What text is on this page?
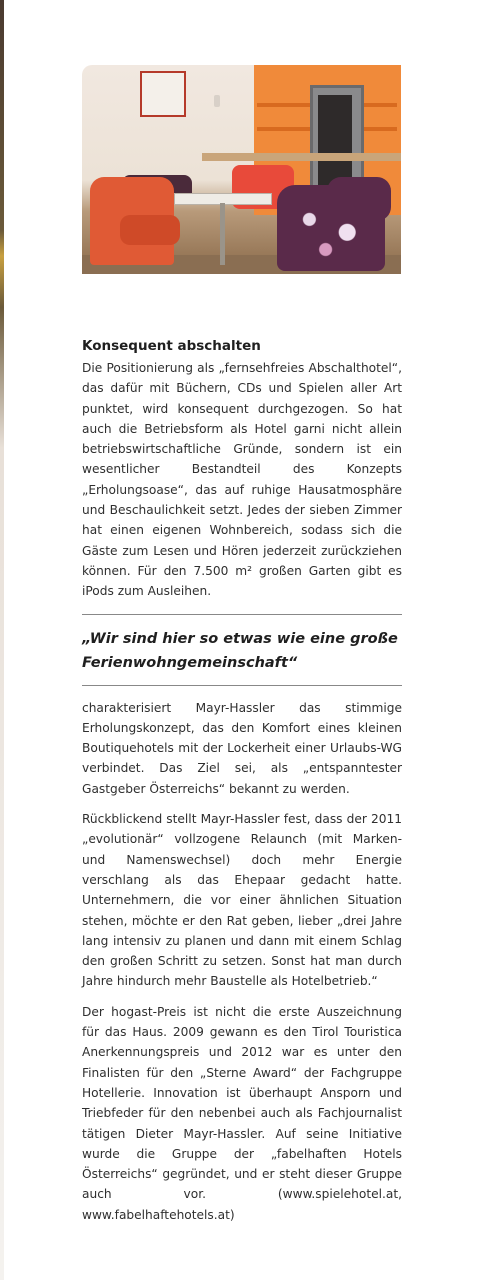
Konsequent abschalten

Die Positionierung als „fernsehfreies Abschalthotel“, das dafür mit Büchern, CDs und Spielen aller Art punktet, wird konsequent durchgezogen. So hat auch die Betriebsform als Hotel garni nicht allein betriebswirtschaftliche Gründe, sondern ist ein wesentlicher Bestandteil des Konzepts „Erholungsoase“, das auf ruhige Hausatmosphäre und Beschaulichkeit setzt. Jedes der sieben Zimmer hat einen eigenen Wohnbereich, sodass sich die Gäste zum Lesen und Hören jederzeit zurückziehen können. Für den 7.500 m² großen Garten gibt es iPods zum Ausleihen.

„Wir sind hier so etwas wie eine große Ferienwohngemeinschaft“

charakterisiert Mayr-Hassler das stimmige Erholungskonzept, das den Komfort eines kleinen Boutiquehotels mit der Lockerheit einer Urlaubs-WG verbindet. Das Ziel sei, als „entspanntester Gastgeber Österreichs“ bekannt zu werden.

Rückblickend stellt Mayr-Hassler fest, dass der 2011 „evolutionär“ vollzogene Relaunch (mit Marken- und Namenswechsel) doch mehr Energie verschlang als das Ehepaar gedacht hatte. Unternehmern, die vor einer ähnlichen Situation stehen, möchte er den Rat geben, lieber „drei Jahre lang intensiv zu planen und dann mit einem Schlag den großen Schritt zu setzen. Sonst hat man durch Jahre hindurch mehr Baustelle als Hotelbetrieb.“

Der hogast-Preis ist nicht die erste Auszeichnung für das Haus. 2009 gewann es den Tirol Touristica Anerkennungspreis und 2012 war es unter den Finalisten für den „Sterne Award“ der Fachgruppe Hotellerie. Innovation ist überhaupt Ansporn und Triebfeder für den nebenbei auch als Fachjournalist tätigen Dieter Mayr-Hassler. Auf seine Initiative wurde die Gruppe der „fabelhaften Hotels Österreichs“ gegründet, und er steht dieser Gruppe auch vor. (www.spielehotel.at, www.fabelhaftehotels.at)
